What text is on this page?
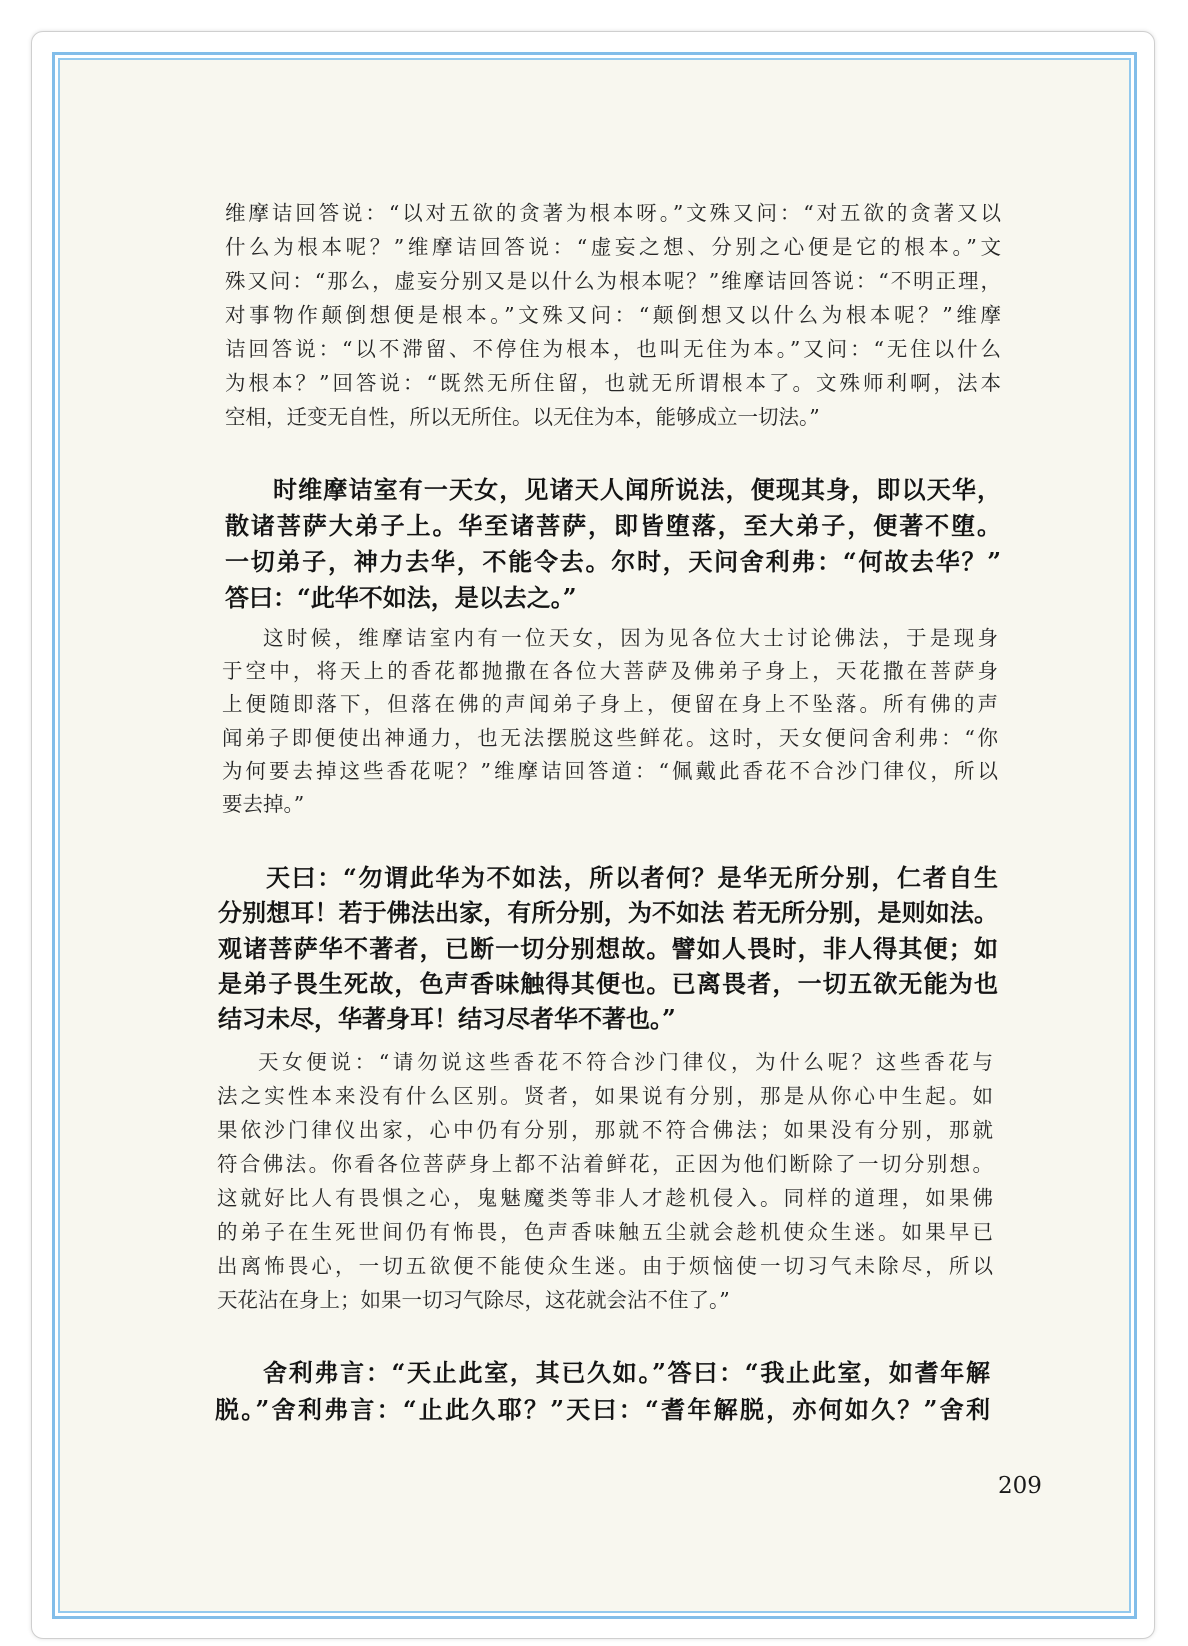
维摩诘回答说：“以对五欲的贪著为根本呀。”文殊又问：“对五欲的贪著又以
什么为根本呢？”维摩诘回答说：“虚妄之想、分别之心便是它的根本。”文
殊又问：“那么，虚妄分别又是以什么为根本呢？”维摩诘回答说：“不明正理，
对事物作颠倒想便是根本。”文殊又问：“颠倒想又以什么为根本呢？”维摩
诘回答说：“以不滞留、不停住为根本，也叫无住为本。”又问：“无住以什么
为根本？”回答说：“既然无所住留，也就无所谓根本了。文殊师利啊，法本
空相，迁变无自性，所以无所住。以无住为本，能够成立一切法。”
时维摩诘室有一天女，见诸天人闻所说法，便现其身，即以天华，
散诸菩萨大弟子上。华至诸菩萨，即皆堕落，至大弟子，便著不堕。
一切弟子，神力去华，不能令去。尔时，天问舍利弗：“何故去华？”
答曰：“此华不如法，是以去之。”
这时候，维摩诘室内有一位天女，因为见各位大士讨论佛法，于是现身
于空中，将天上的香花都抛撒在各位大菩萨及佛弟子身上，天花撒在菩萨身
上便随即落下，但落在佛的声闻弟子身上，便留在身上不坠落。所有佛的声
闻弟子即便使出神通力，也无法摆脱这些鲜花。这时，天女便问舍利弗：“你
为何要去掉这些香花呢？”维摩诘回答道：“佩戴此香花不合沙门律仪，所以
要去掉。”
天曰：“勿谓此华为不如法，所以者何？是华无所分别，仁者自生
分别想耳！若于佛法出家，有所分别，为不如法 若无所分别，是则如法。
观诸菩萨华不著者，已断一切分别想故。譬如人畏时，非人得其便；如
是弟子畏生死故，色声香味触得其便也。已离畏者，一切五欲无能为也
结习未尽，华著身耳！结习尽者华不著也。”
天女便说：“请勿说这些香花不符合沙门律仪，为什么呢？这些香花与
法之实性本来没有什么区别。贤者，如果说有分别，那是从你心中生起。如
果依沙门律仪出家，心中仍有分别，那就不符合佛法；如果没有分别，那就
符合佛法。你看各位菩萨身上都不沾着鲜花，正因为他们断除了一切分别想。
这就好比人有畏惧之心，鬼魅魔类等非人才趁机侵入。同样的道理，如果佛
的弟子在生死世间仍有怖畏，色声香味触五尘就会趁机使众生迷。如果早已
出离怖畏心，一切五欲便不能使众生迷。由于烦恼使一切习气未除尽，所以
天花沾在身上；如果一切习气除尽，这花就会沾不住了。”
舍利弗言：“天止此室，其已久如。”答曰：“我止此室，如耆年解
脱。”舍利弗言：“止此久耶？”天曰：“耆年解脱，亦何如久？”舍利
209
